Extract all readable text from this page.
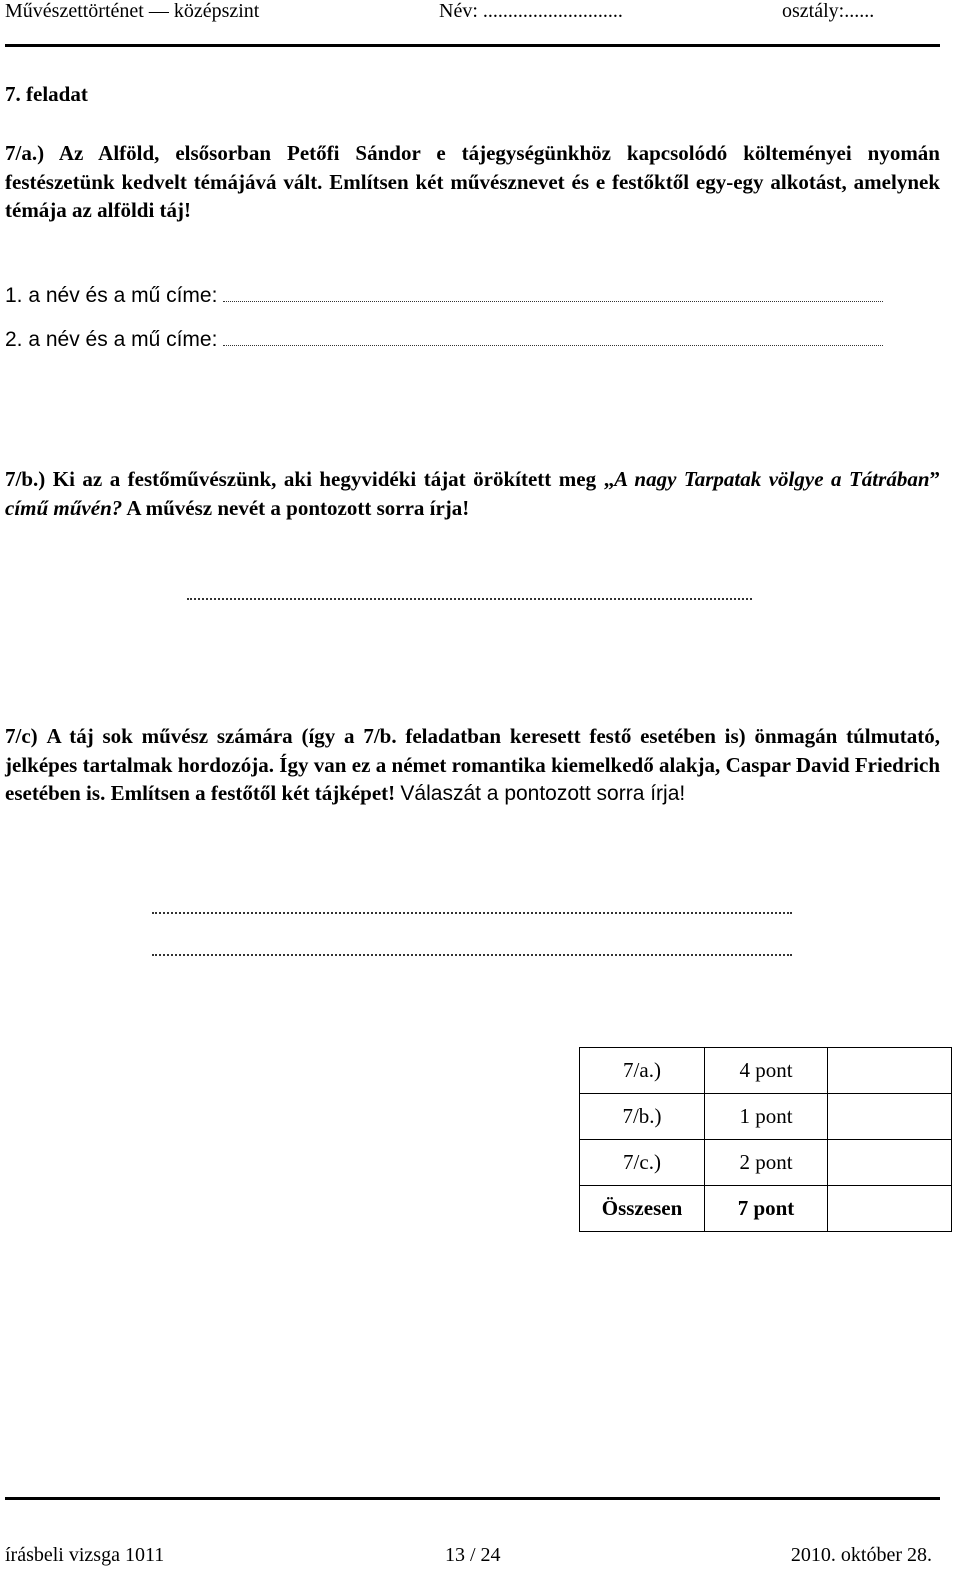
Művészettörténet — középszint	Név: ............................	osztály:......
7. feladat
7/a.) Az Alföld, elsősorban Petőfi Sándor e tájegységünkhöz kapcsolódó költeményei nyomán festészetünk kedvelt témájává vált. Említsen két művésznevet és e festőktől egy-egy alkotást, amelynek témája az alföldi táj!
1. a név és a mű címe:
2. a név és a mű címe:
7/b.) Ki az a festőművészünk, aki hegyvidéki tájat örökített meg „A nagy Tarpatak völgye a Tátrában” című művén? A művész nevét a pontozott sorra írja!
7/c) A táj sok művész számára (így a 7/b. feladatban keresett festő esetében is) önmagán túlmutató, jelképes tartalmak hordozója. Így van ez a német romantika kiemelkedő alakja, Caspar David Friedrich esetében is. Említsen a festőtől két tájképet! Válaszát a pontozott sorra írja!
7/a.)	4 pont	
7/b.)	1 pont	
7/c.)	2 pont	
Összesen	7 pont	
írásbeli vizsga 1011	13 / 24	2010. október 28.
